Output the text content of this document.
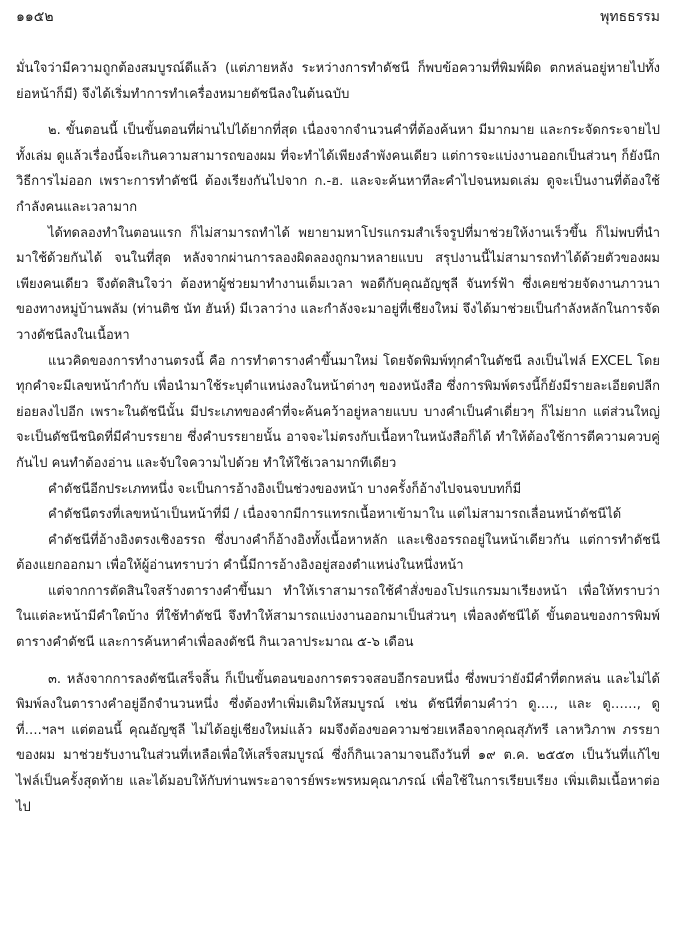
๑๑๕๒	พุทธธรรม

มั่นใจว่ามีความถูกต้องสมบูรณ์ดีแล้ว (แต่ภายหลัง ระหว่างการทำดัชนี ก็พบข้อความที่พิมพ์ผิด ตกหล่นอยู่หายไปทั้งย่อหน้าก็มี) จึงได้เริ่มทำการทำเครื่องหมายดัชนีลงในต้นฉบับ

๒. ขั้นตอนนี้ เป็นขั้นตอนที่ผ่านไปได้ยากที่สุด เนื่องจากจำนวนคำที่ต้องค้นหา มีมากมาย และกระจัดกระจายไปทั้งเล่ม ดูแล้วเรื่องนี้จะเกินความสามารถของผม ที่จะทำได้เพียงลำพังคนเดียว แต่การจะแบ่งงานออกเป็นส่วนๆ ก็ยังนึกวิธีการไม่ออก เพราะการทำดัชนี ต้องเรียงกันไปจาก ก.-ฮ. และจะค้นหาทีละคำไปจนหมดเล่ม ดูจะเป็นงานที่ต้องใช้กำลังคนและเวลามาก

ได้ทดลองทำในตอนแรก ก็ไม่สามารถทำได้ พยายามหาโปรแกรมสำเร็จรูปที่มาช่วยให้งานเร็วขึ้น ก็ไม่พบที่นำมาใช้ด้วยกันได้ จนในที่สุด หลังจากผ่านการลองผิดลองถูกมาหลายแบบ สรุปงานนี้ไม่สามารถทำได้ด้วยตัวของผมเพียงคนเดียว จึงตัดสินใจว่า ต้องหาผู้ช่วยมาทำงานเต็มเวลา พอดีกับคุณอัญชุลี จันทร์ฟ้า ซึ่งเคยช่วยจัดงานภาวนาของทางหมู่บ้านพลัม (ท่านติช นัท ฮันห์) มีเวลาว่าง และกำลังจะมาอยู่ที่เชียงใหม่ จึงได้มาช่วยเป็นกำลังหลักในการจัดวางดัชนีลงในเนื้อหา

แนวคิดของการทำงานตรงนี้ คือ การทำตารางคำขึ้นมาใหม่ โดยจัดพิมพ์ทุกคำในดัชนี ลงเป็นไฟล์ EXCEL โดยทุกคำจะมีเลขหน้ากำกับ เพื่อนำมาใช้ระบุตำแหน่งลงในหน้าต่างๆ ของหนังสือ ซึ่งการพิมพ์ตรงนี้ก็ยังมีรายละเอียดปลีกย่อยลงไปอีก เพราะในดัชนีนั้น มีประเภทของคำที่จะค้นคว้าอยู่หลายแบบ บางคำเป็นคำเดี่ยวๆ ก็ไม่ยาก แต่ส่วนใหญ่จะเป็นดัชนีชนิดที่มีคำบรรยาย ซึ่งคำบรรยายนั้น อาจจะไม่ตรงกับเนื้อหาในหนังสือก็ได้ ทำให้ต้องใช้การตีความควบคู่กันไป คนทำต้องอ่าน และจับใจความไปด้วย ทำให้ใช้เวลามากทีเดียว

คำดัชนีอีกประเภทหนึ่ง จะเป็นการอ้างอิงเป็นช่วงของหน้า บางครั้งก็อ้างไปจนจบบทก็มี

คำดัชนีตรงที่เลขหน้าเป็นหน้าที่มี / เนื่องจากมีการแทรกเนื้อหาเข้ามาใน แต่ไม่สามารถเลื่อนหน้าดัชนีได้

คำดัชนีที่อ้างอิงตรงเชิงอรรถ ซึ่งบางคำก็อ้างอิงทั้งเนื้อหาหลัก และเชิงอรรถอยู่ในหน้าเดียวกัน แต่การทำดัชนี ต้องแยกออกมา เพื่อให้ผู้อ่านทราบว่า คำนี้มีการอ้างอิงอยู่สองตำแหน่งในหนึ่งหน้า

แต่จากการตัดสินใจสร้างตารางคำขึ้นมา ทำให้เราสามารถใช้คำสั่งของโปรแกรมมาเรียงหน้า เพื่อให้ทราบว่า ในแต่ละหน้ามีคำใดบ้าง ที่ใช้ทำดัชนี จึงทำให้สามารถแบ่งงานออกมาเป็นส่วนๆ เพื่อลงดัชนีได้ ขั้นตอนของการพิมพ์ตารางคำดัชนี และการค้นหาคำเพื่อลงดัชนี กินเวลาประมาณ ๕-๖ เดือน

๓. หลังจากการลงดัชนีเสร็จสิ้น ก็เป็นขั้นตอนของการตรวจสอบอีกรอบหนึ่ง ซึ่งพบว่ายังมีคำที่ตกหล่น และไม่ได้พิมพ์ลงในตารางคำอยู่อีกจำนวนหนึ่ง ซึ่งต้องทำเพิ่มเติมให้สมบูรณ์ เช่น ดัชนีที่ตามคำว่า ดู…., และ ดู……, ดูที่….ฯลฯ แต่ตอนนี้ คุณอัญชุลี ไม่ได้อยู่เชียงใหม่แล้ว ผมจึงต้องขอความช่วยเหลือจากคุณสุภัทรี เลาหวิภาพ ภรรยาของผม มาช่วยรับงานในส่วนที่เหลือเพื่อให้เสร็จสมบูรณ์ ซึ่งก็กินเวลามาจนถึงวันที่ ๑๙ ต.ค. ๒๕๕๓ เป็นวันที่แก้ไขไฟล์เป็นครั้งสุดท้าย และได้มอบให้กับท่านพระอาจารย์พระพรหมคุณาภรณ์ เพื่อใช้ในการเรียบเรียง เพิ่มเติมเนื้อหาต่อไป
